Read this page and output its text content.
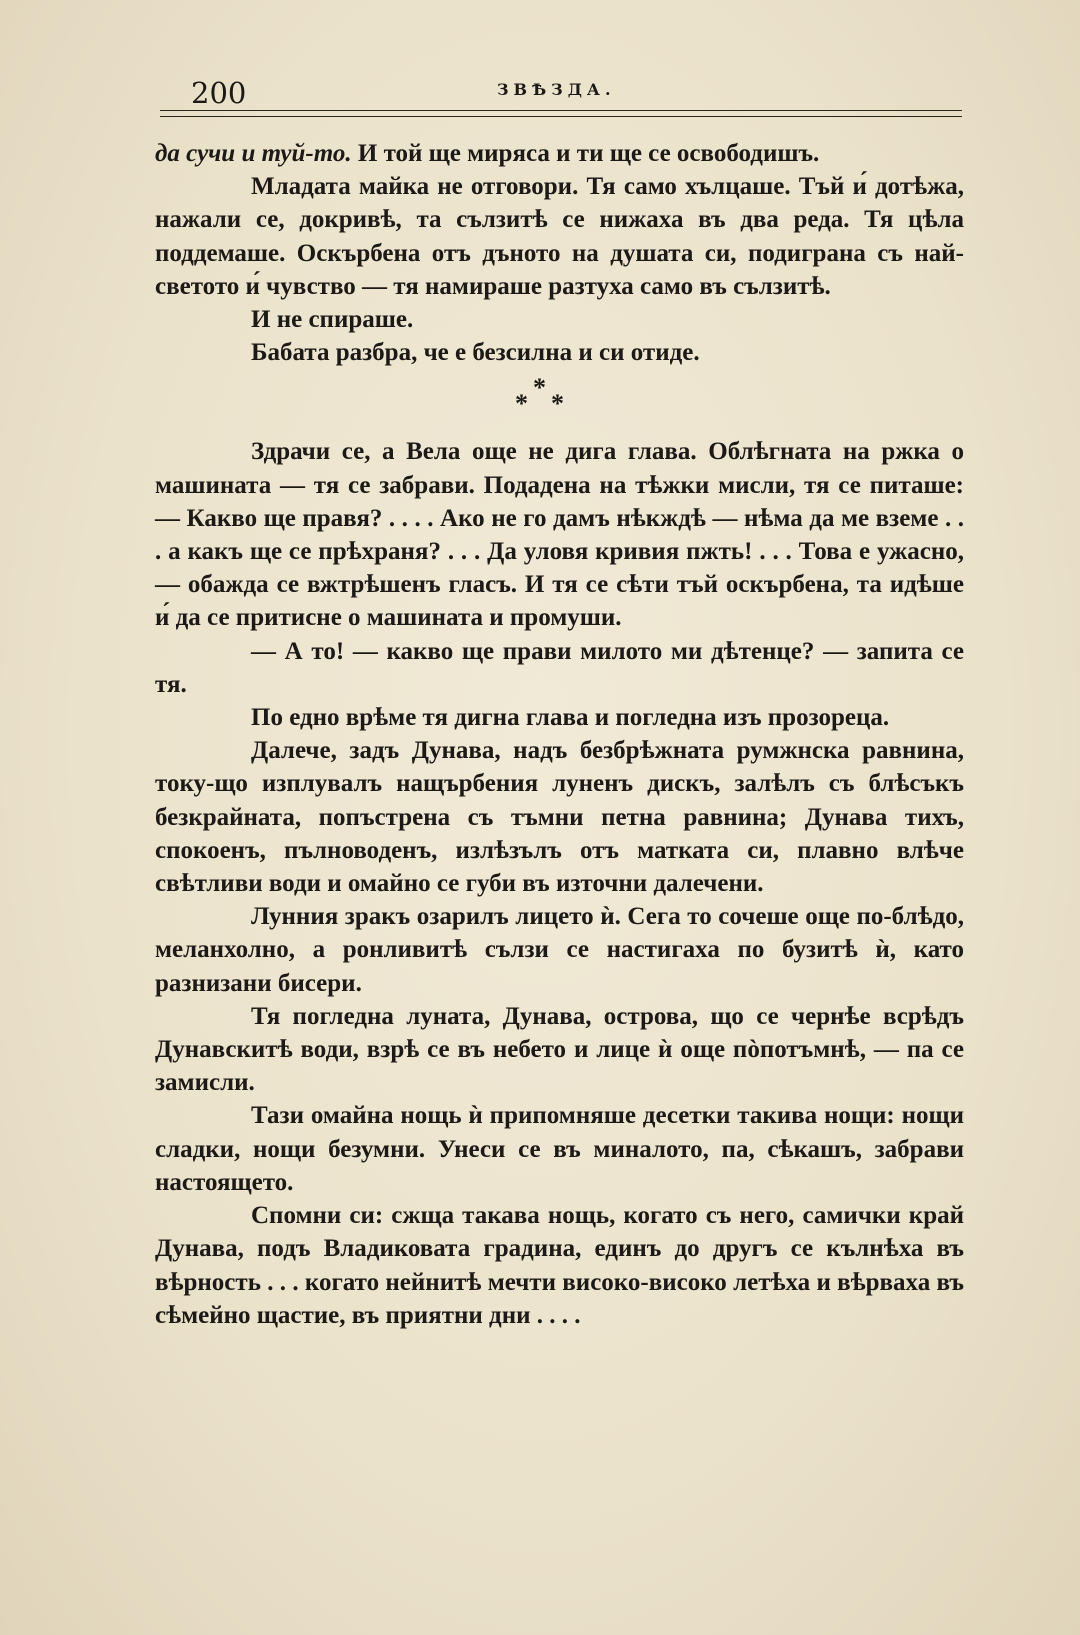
200	ЗВѢЗДА.

да сучи и туй-то. И той ще миряса и ти ще се освободишъ.

Младата майка не отговори. Тя само хълцаше. Тъй и́ дотѣжа, нажали се, докривѣ, та сълзитѣ се нижаха въ два реда. Тя цѣла поддемаше. Оскърбена отъ дъното на душата си, подиграна съ най-светото и́ чувство — тя намираше разтуха само въ сълзитѣ.

И не спираше.

Бабата разбра, че е безсилна и си отиде.

*
* *

Здрачи се, а Вела още не дига глава. Облѣгната на ржка о машината — тя се забрави. Подадена на тѣжки мисли, тя се питаше: — Какво ще правя? . . . . Ако не го дамъ нѣкждѣ — нѣма да ме вземе . . . а какъ ще се прѣхраня? . . . Да уловя кривия пжть! . . . Това е ужасно, — обажда се вжтрѣшенъ гласъ. И тя се сѣти тъй оскърбена, та идѣше и́ да се притисне о машината и промуши.

— А то! — какво ще прави милото ми дѣтенце? — запита се тя.

По едно врѣме тя дигна глава и погледна изъ прозореца.

Далече, задъ Дунава, надъ безбрѣжната румжнска равнина, току-що изплувалъ нащърбения луненъ дискъ, залѣлъ съ блѣсъкъ безкрайната, попъстрена съ тъмни петна равнина; Дунава тихъ, спокоенъ, пълноводенъ, излѣзълъ отъ матката си, плавно влѣче свѣтливи води и омайно се губи въ източни далечени.

Лунния зракъ озарилъ лицето ѝ. Сега то сочеше още по-блѣдо, меланхолно, а ронливитѣ сълзи се настигаха по бузитѣ ѝ, като разнизани бисери.

Тя погледна луната, Дунава, острова, що се чернѣе всрѣдъ Дунавскитѣ води, взрѣ се въ небето и лице ѝ още пòпотъмнѣ, — па се замисли.

Тази омайна нощь ѝ припомняше десетки такива нощи: нощи сладки, нощи безумни. Унеси се въ миналото, па, сѣкашъ, забрави настоящето.

Спомни си: сжща такава нощь, когато съ него, самички край Дунава, подъ Владиковата градина, единъ до другъ се кълнѣха въ вѣрность . . . когато нейнитѣ мечти високо-високо летѣха и вѣрваха въ сѣмейно щастие, въ приятни дни . . . .
